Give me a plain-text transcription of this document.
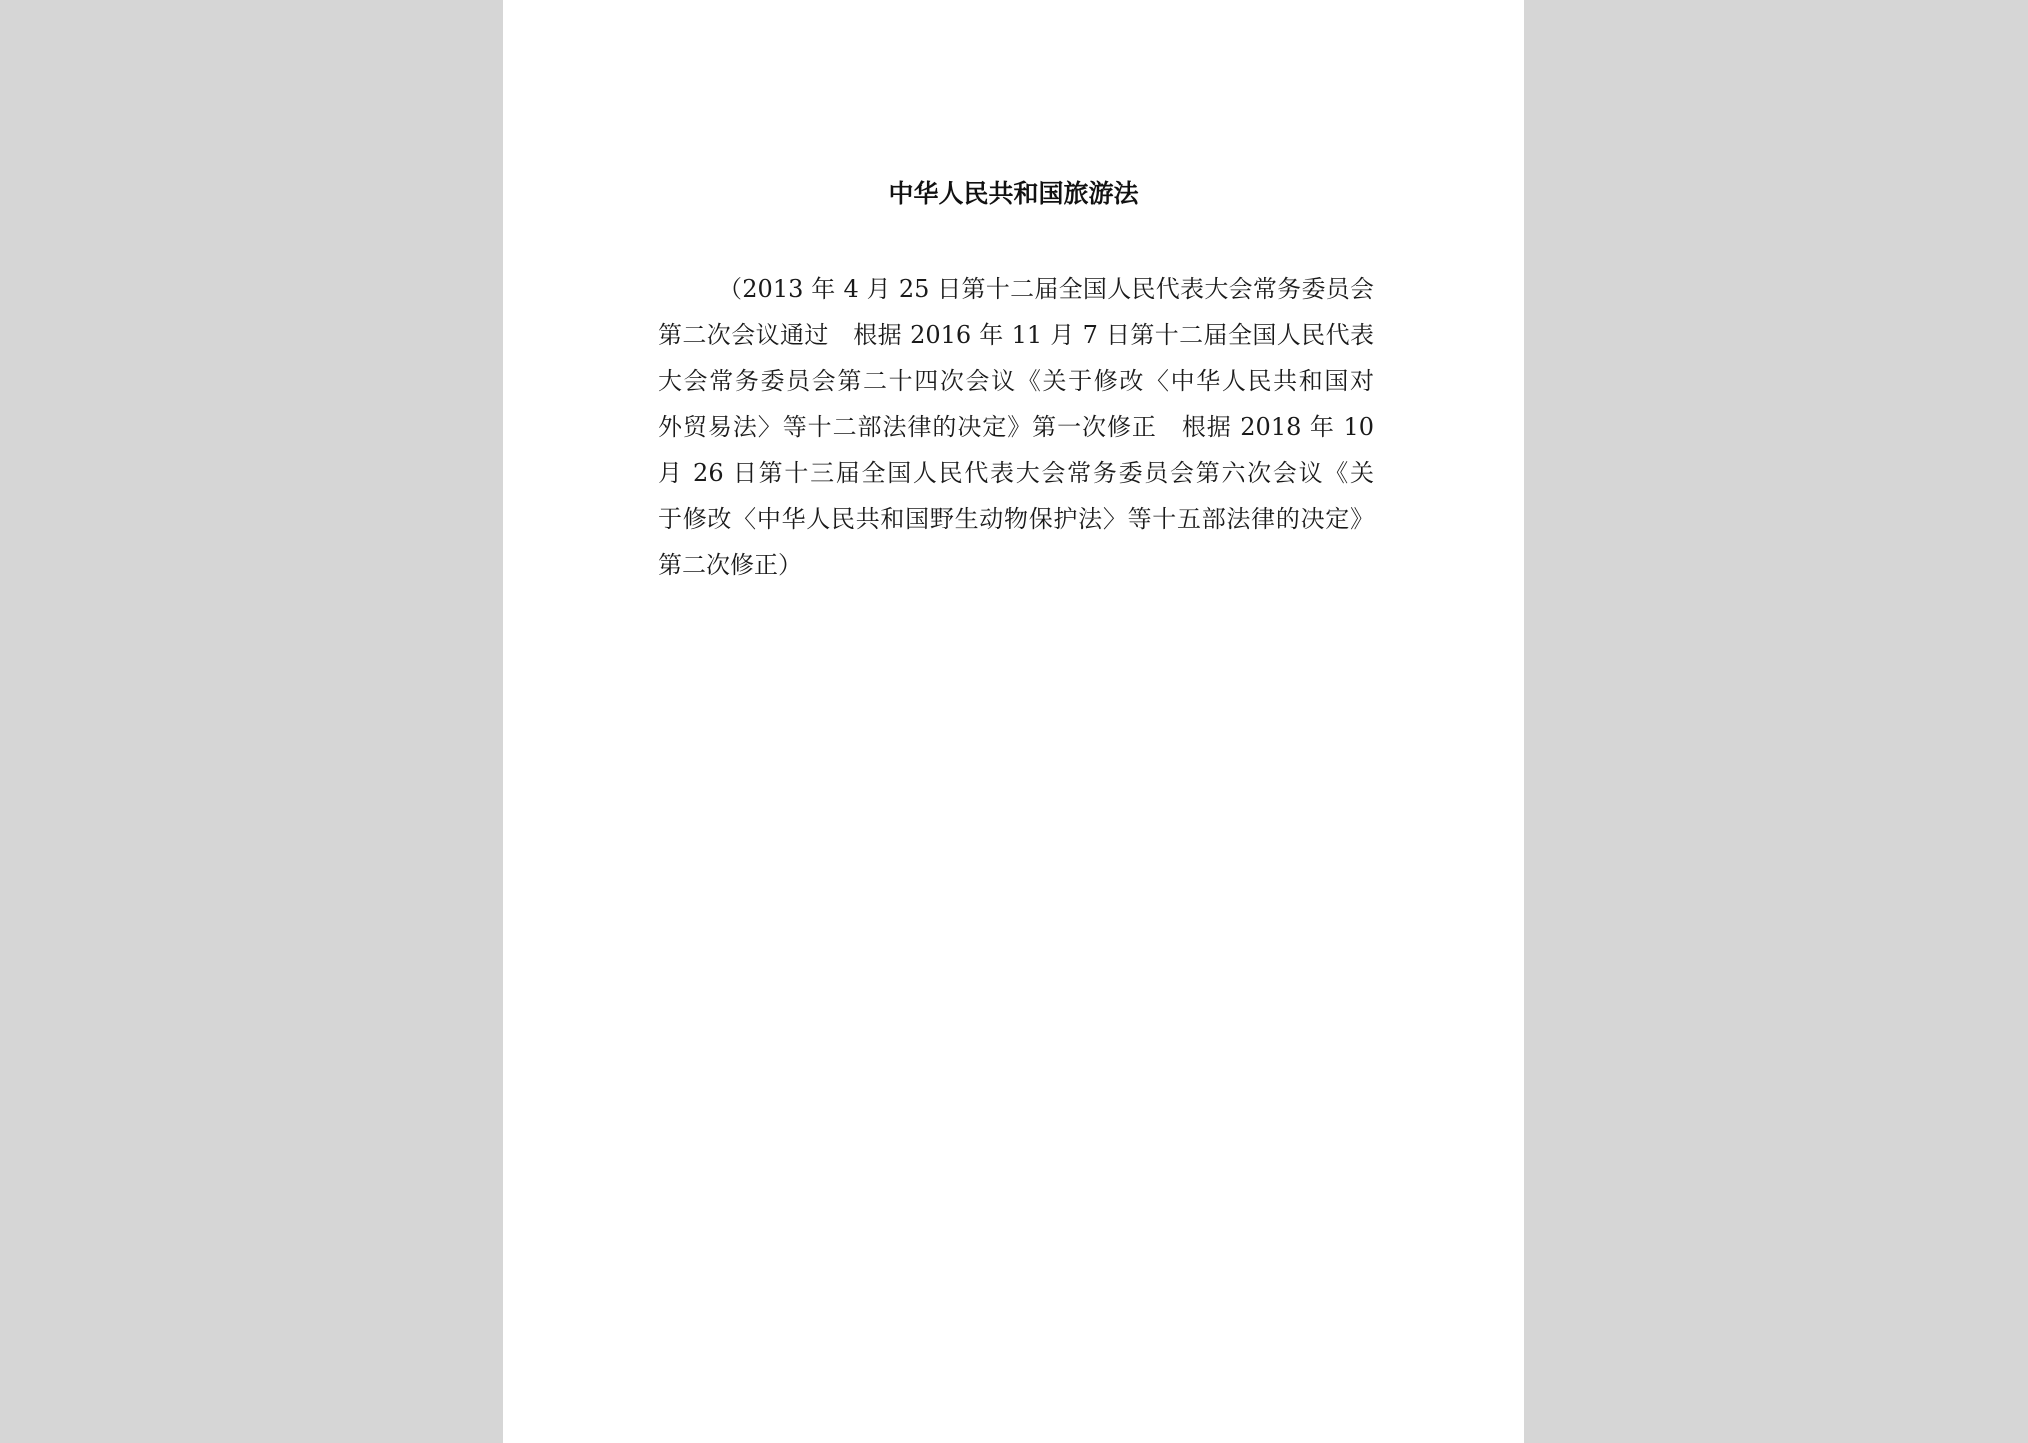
中华人民共和国旅游法
（2013 年 4 月 25 日第十二届全国人民代表大会常务委员会
第二次会议通过　根据 2016 年 11 月 7 日第十二届全国人民代表
大会常务委员会第二十四次会议《关于修改〈中华人民共和国对
外贸易法〉等十二部法律的决定》第一次修正　根据 2018 年 10
月 26 日第十三届全国人民代表大会常务委员会第六次会议《关
于修改〈中华人民共和国野生动物保护法〉等十五部法律的决定》
第二次修正）
